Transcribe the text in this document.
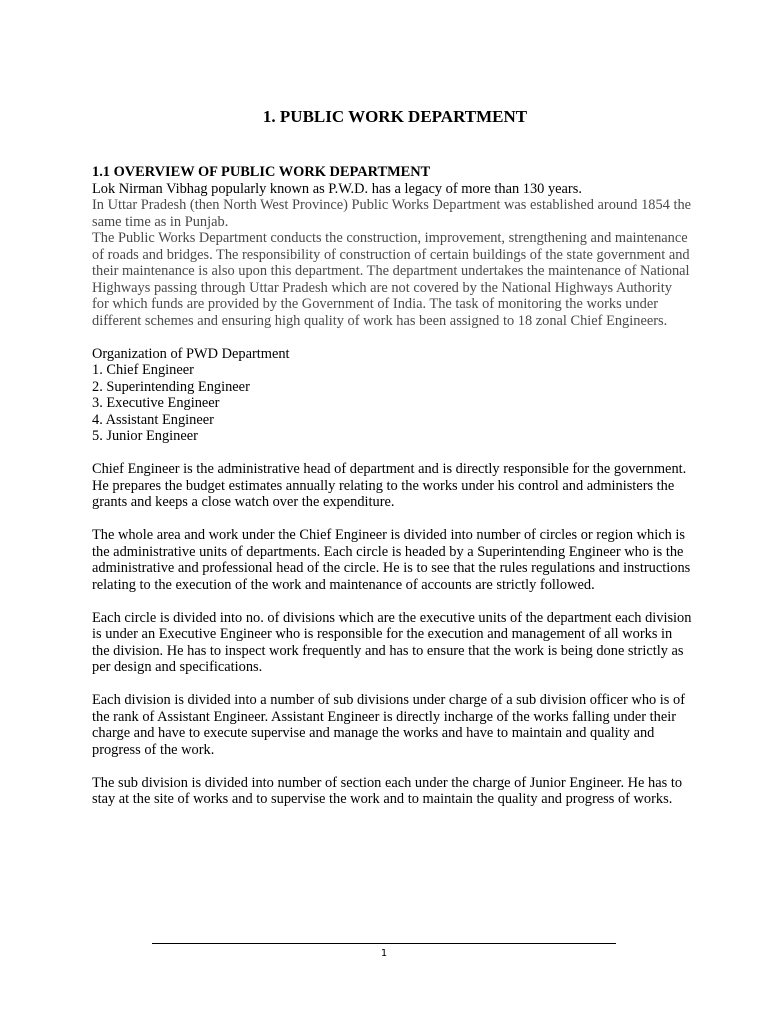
1. PUBLIC WORK DEPARTMENT

1.1 OVERVIEW OF PUBLIC WORK DEPARTMENT

Lok Nirman Vibhag popularly known as P.W.D. has a legacy of more than 130 years.

In Uttar Pradesh (then North West Province) Public Works Department was established around 1854 the same time as in Punjab.

The Public Works Department conducts the construction, improvement, strengthening and maintenance of roads and bridges. The responsibility of construction of certain buildings of the state government and their maintenance is also upon this department. The department undertakes the maintenance of National Highways passing through Uttar Pradesh which are not covered by the National Highways Authority for which funds are provided by the Government of India. The task of monitoring the works under different schemes and ensuring high quality of work has been assigned to 18 zonal Chief Engineers.

Organization of PWD Department

1. Chief Engineer
2. Superintending Engineer
3. Executive Engineer
4. Assistant Engineer
5. Junior Engineer

Chief Engineer is the administrative head of department and is directly responsible for the government. He prepares the budget estimates annually relating to the works under his control and administers the grants and keeps a close watch over the expenditure.

The whole area and work under the Chief Engineer is divided into number of circles or region which is the administrative units of departments. Each circle is headed by a Superintending Engineer who is the administrative and professional head of the circle. He is to see that the rules regulations and instructions relating to the execution of the work and maintenance of accounts are strictly followed.

Each circle is divided into no. of divisions which are the executive units of the department each division is under an Executive Engineer who is responsible for the execution and management of all works in the division. He has to inspect work frequently and has to ensure that the work is being done strictly as per design and specifications.

Each division is divided into a number of sub divisions under charge of a sub division officer who is of the rank of Assistant Engineer. Assistant Engineer is directly incharge of the works falling under their charge and have to execute supervise and manage the works and have to maintain and quality and progress of the work.

The sub division is divided into number of section each under the charge of Junior Engineer. He has to stay at the site of works and to supervise the work and to maintain the quality and progress of works.

1
